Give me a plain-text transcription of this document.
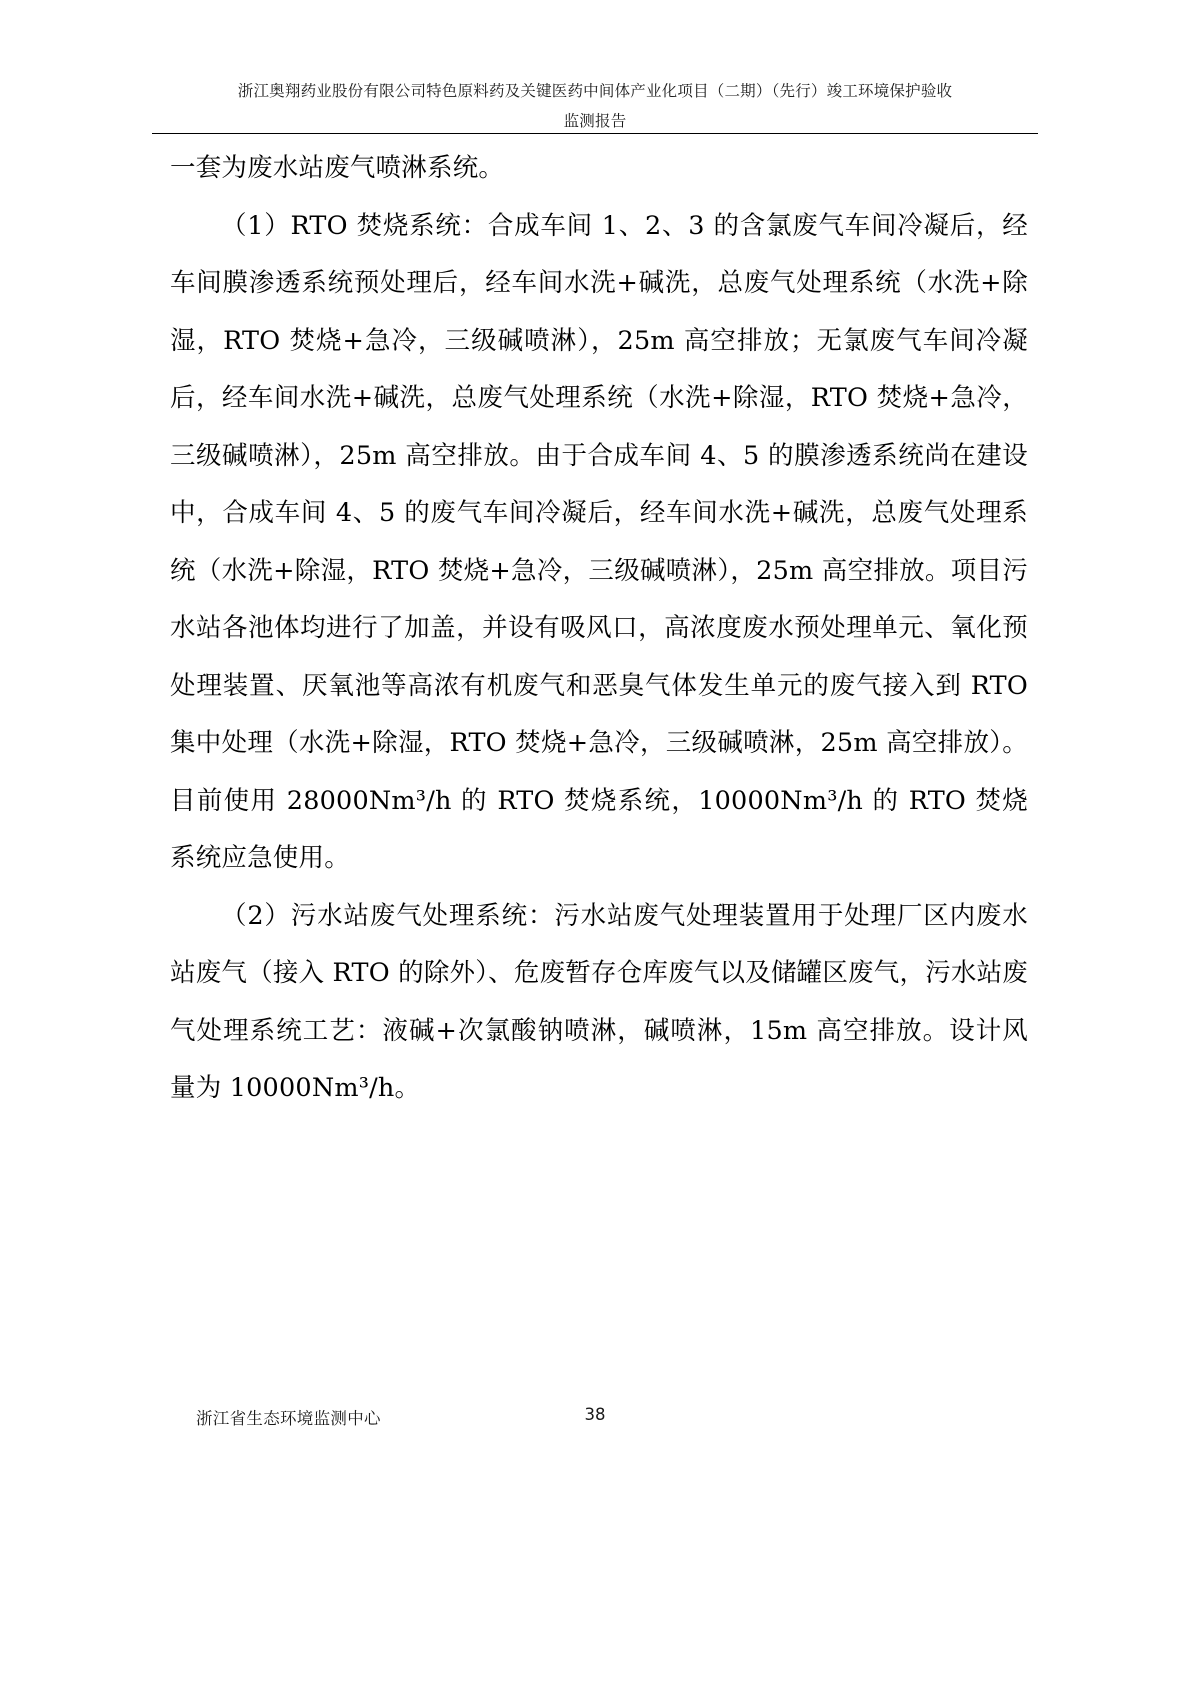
浙江奥翔药业股份有限公司特色原料药及关键医药中间体产业化项目（二期）（先行）竣工环境保护验收
监测报告

一套为废水站废气喷淋系统。

（1）RTO 焚烧系统：合成车间 1、2、3 的含氯废气车间冷凝后，经车间膜渗透系统预处理后，经车间水洗+碱洗，总废气处理系统（水洗+除湿，RTO 焚烧+急冷，三级碱喷淋），25m 高空排放；无氯废气车间冷凝后，经车间水洗+碱洗，总废气处理系统（水洗+除湿，RTO 焚烧+急冷，三级碱喷淋），25m 高空排放。由于合成车间 4、5 的膜渗透系统尚在建设中，合成车间 4、5 的废气车间冷凝后，经车间水洗+碱洗，总废气处理系统（水洗+除湿，RTO 焚烧+急冷，三级碱喷淋），25m 高空排放。项目污水站各池体均进行了加盖，并设有吸风口，高浓度废水预处理单元、氧化预处理装置、厌氧池等高浓有机废气和恶臭气体发生单元的废气接入到 RTO 集中处理（水洗+除湿，RTO 焚烧+急冷，三级碱喷淋，25m 高空排放）。目前使用 28000Nm³/h 的 RTO 焚烧系统，10000Nm³/h 的 RTO 焚烧系统应急使用。

（2）污水站废气处理系统：污水站废气处理装置用于处理厂区内废水站废气（接入 RTO 的除外）、危废暂存仓库废气以及储罐区废气，污水站废气处理系统工艺：液碱+次氯酸钠喷淋，碱喷淋，15m 高空排放。设计风量为 10000Nm³/h。

浙江省生态环境监测中心	38
